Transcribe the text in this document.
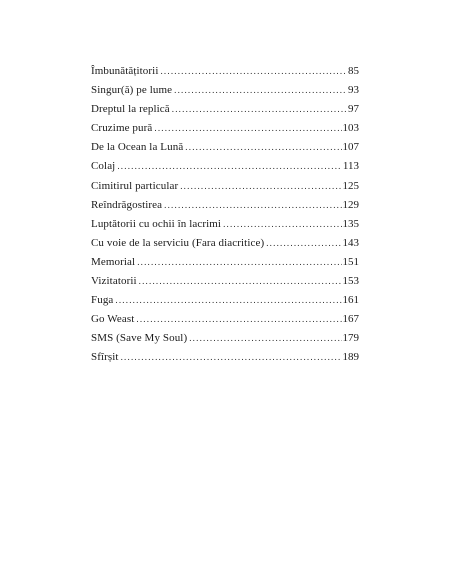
Îmbunătățitorii .....	85
Singur(ă) pe lume .....	93
Dreptul la replică .....	97
Cruzime pură .....	103
De la Ocean la Lună .....	107
Colaj .....	113
Cimitirul particular .....	125
Reîndrăgostirea .....	129
Luptătorii cu ochii în lacrimi .....	135
Cu voie de la serviciu (Fara diacritice) .....	143
Memorial .....	151
Vizitatorii .....	153
Fuga .....	161
Go Weast .....	167
SMS (Save My Soul) .....	179
Sfîrșit .....	189
